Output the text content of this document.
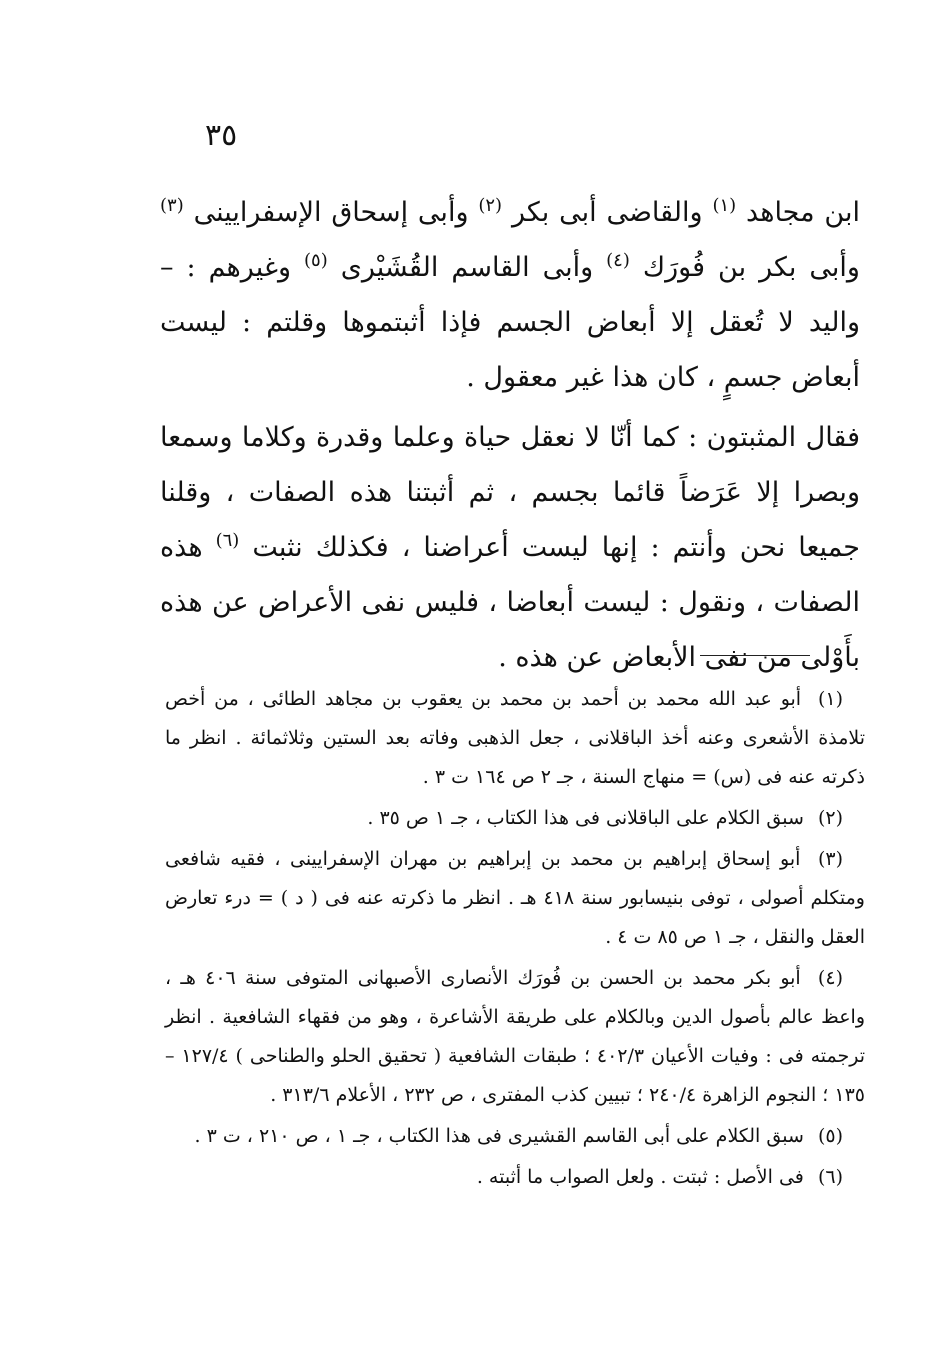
٣٥

ابن مجاهد $^{(١)}$ والقاضى أبى بكر $^{(٢)}$ وأبى إسحاق الإسفرايينى $^{(٣)}$ وأبى بكر بن فُورَك $^{(٤)}$ وأبى القاسم القُشَيْرى $^{(٥)}$ وغيرهم : – واليد لا تُعقل إلا أبعاض الجسم فإذا أثبتموها وقلتم : ليست أبعاض جسمٍ ، كان هذا غير معقول .

فقال المثبتون : كما أنّا لا نعقل حياة وعلما وقدرة وكلاما وسمعا وبصرا إلا عَرَضاً قائما بجسم ، ثم أثبتنا هذه الصفات ، وقلنا جميعا نحن وأنتم : إنها ليست أعراضنا ، فكذلك نثبت $^{(٦)}$ هذه الصفات ، ونقول : ليست أبعاضا ، فليس نفى الأعراض عن هذه بأَوْلى من نفى الأبعاض عن هذه .

(١) أبو عبد الله محمد بن أحمد بن محمد بن يعقوب بن مجاهد الطائى ، من أخص تلامذة الأشعرى وعنه أخذ الباقلانى ، جعل الذهبى وفاته بعد الستين وثلاثمائة . انظر ما ذكرته عنه فى (س) = منهاج السنة ، جـ ٢ ص ١٦٤ ت ٣ .

(٢) سبق الكلام على الباقلانى فى هذا الكتاب ، جـ ١ ص ٣٥ .

(٣) أبو إسحاق إبراهيم بن محمد بن إبراهيم بن مهران الإسفرايينى ، فقيه شافعى ومتكلم أصولى ، توفى بنيسابور سنة ٤١٨ هـ . انظر ما ذكرته عنه فى ( د ) = درء تعارض العقل والنقل ، جـ ١ ص ٨٥ ت ٤ .

(٤) أبو بكر محمد بن الحسن بن فُورَك الأنصارى الأصبهانى المتوفى سنة ٤٠٦ هـ ، واعظ عالم بأصول الدين وبالكلام على طريقة الأشاعرة ، وهو من فقهاء الشافعية . انظر ترجمته فى : وفيات الأعيان ٤٠٢/٣ ؛ طبقات الشافعية ( تحقيق الحلو والطناحى ) ١٢٧/٤ – ١٣٥ ؛ النجوم الزاهرة ٢٤٠/٤ ؛ تبيين كذب المفترى ، ص ٢٣٢ ، الأعلام ٣١٣/٦ .

(٥) سبق الكلام على أبى القاسم القشيرى فى هذا الكتاب ، جـ ١ ، ص ٢١٠ ، ت ٣ .

(٦) فى الأصل : ثبتت . ولعل الصواب ما أثبته .
